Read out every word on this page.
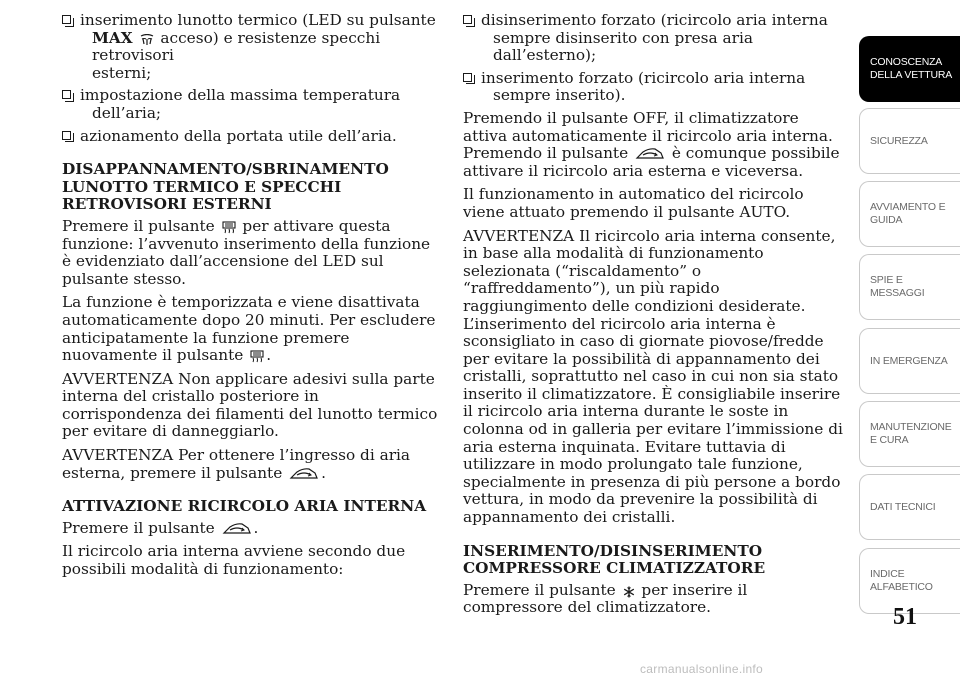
inserimento lunotto termico (LED su pulsante
MAX acceso) e resistenze specchi retrovisori
esterni;
impostazione della massima temperatura
dell’aria;
azionamento della portata utile dell’aria.
DISAPPANNAMENTO/SBRINAMENTO LUNOTTO TERMICO E SPECCHI RETROVISORI ESTERNI

Premere il pulsante per attivare questa funzione: l’avvenuto inserimento della funzione è evidenziato dall’accensione del LED sul pulsante stesso.

La funzione è temporizzata e viene disattivata automaticamente dopo 20 minuti. Per escludere anticipatamente la funzione premere nuovamente il pulsante .

AVVERTENZA Non applicare adesivi sulla parte interna del cristallo posteriore in corrispondenza dei filamenti del lunotto termico per evitare di danneggiarlo.

AVVERTENZA Per ottenere l’ingresso di aria esterna, premere il pulsante	.

ATTIVAZIONE RICIRCOLO ARIA INTERNA

Premere il pulsante	.

Il ricircolo aria interna avviene secondo due possibili modalità di funzionamento:

disinserimento forzato (ricircolo aria interna
sempre disinserito con presa aria dall’esterno);
inserimento forzato (ricircolo aria interna
sempre inserito).

Premendo il pulsante OFF, il climatizzatore attiva automaticamente il ricircolo aria interna. Premendo il pulsante	è comunque possibile attivare il ricircolo aria esterna e viceversa.

Il funzionamento in automatico del ricircolo viene attuato premendo il pulsante AUTO.

AVVERTENZA Il ricircolo aria interna consente, in base alla modalità di funzionamento selezionata (“riscaldamento” o “raffreddamento”), un più rapido raggiungimento delle condizioni desiderate. L’inserimento del ricircolo aria interna è sconsigliato in caso di giornate piovose/fredde per evitare la possibilità di appannamento dei cristalli, soprattutto nel caso in cui non sia stato inserito il climatizzatore. È consigliabile inserire il ricircolo aria interna durante le soste in colonna od in galleria per evitare l’immissione di aria esterna inquinata. Evitare tuttavia di utilizzare in modo prolungato tale funzione, specialmente in presenza di più persone a bordo vettura, in modo da prevenire la possibilità di appannamento dei cristalli.

INSERIMENTO/DISINSERIMENTO COMPRESSORE CLIMATIZZATORE

Premere il pulsante per inserire il compressore del climatizzatore.

CONOSCENZA DELLA VETTURA
SICUREZZA
AVVIAMENTO E GUIDA
SPIE E MESSAGGI
IN EMERGENZA
MANUTENZIONE E CURA
DATI TECNICI
INDICE ALFABETICO
51
carmanualsonline.info
